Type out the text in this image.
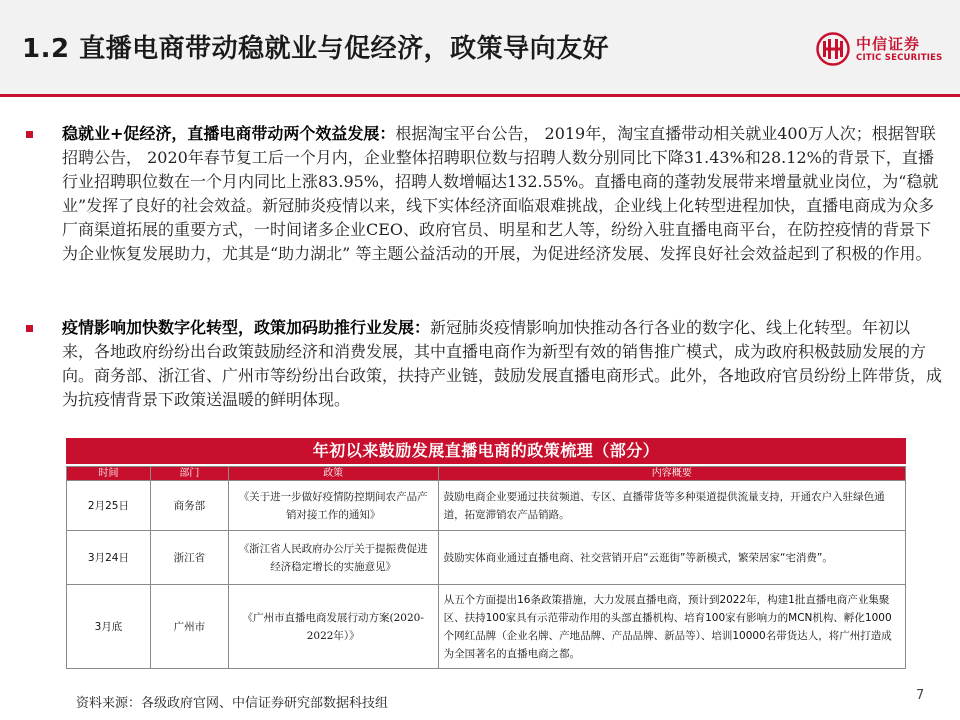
1.2 直播电商带动稳就业与促经济，政策导向友好	中信证券
CITIC SECURITIES
稳就业+促经济，直播电商带动两个效益发展：根据淘宝平台公告， 2019年，淘宝直播带动相关就业400万人次；根据智联招聘公告， 2020年春节复工后一个月内，企业整体招聘职位数与招聘人数分别同比下降31.43%和28.12%的背景下，直播行业招聘职位数在一个月内同比上涨83.95%，招聘人数增幅达132.55%。直播电商的蓬勃发展带来增量就业岗位，为“稳就业”发挥了良好的社会效益。新冠肺炎疫情以来，线下实体经济面临艰难挑战，企业线上化转型进程加快，直播电商成为众多厂商渠道拓展的重要方式，一时间诸多企业CEO、政府官员、明星和艺人等，纷纷入驻直播电商平台，在防控疫情的背景下为企业恢复发展助力，尤其是“助力湖北” 等主题公益活动的开展，为促进经济发展、发挥良好社会效益起到了积极的作用。
疫情影响加快数字化转型，政策加码助推行业发展：新冠肺炎疫情影响加快推动各行各业的数字化、线上化转型。年初以来，各地政府纷纷出台政策鼓励经济和消费发展，其中直播电商作为新型有效的销售推广模式，成为政府积极鼓励发展的方向。商务部、浙江省、广州市等纷纷出台政策，扶持产业链，鼓励发展直播电商形式。此外，各地政府官员纷纷上阵带货，成为抗疫情背景下政策送温暖的鲜明体现。
年初以来鼓励发展直播电商的政策梳理（部分）
时间	部门	政策	内容概要
2月25日	商务部	《关于进一步做好疫情防控期间农产品产销对接工作的通知》	鼓励电商企业要通过扶贫频道、专区、直播带货等多种渠道提供流量支持，开通农户入驻绿色通道，拓宽滞销农产品销路。
3月24日	浙江省	《浙江省人民政府办公厅关于提振费促进经济稳定增长的实施意见》	鼓励实体商业通过直播电商、社交营销开启“云逛街”等新模式，繁荣居家“宅消费”。
3月底	广州市	《广州市直播电商发展行动方案(2020-2022年）》	从五个方面提出16条政策措施，大力发展直播电商，预计到2022年，构建1批直播电商产业集聚区、扶持100家具有示范带动作用的头部直播机构、培育100家有影响力的MCN机构、孵化1000个网红品牌（企业名牌、产地品牌、产品品牌、新品等）、培训10000名带货达人，将广州打造成为全国著名的直播电商之都。
资料来源：各级政府官网、中信证券研究部数据科技组
7
